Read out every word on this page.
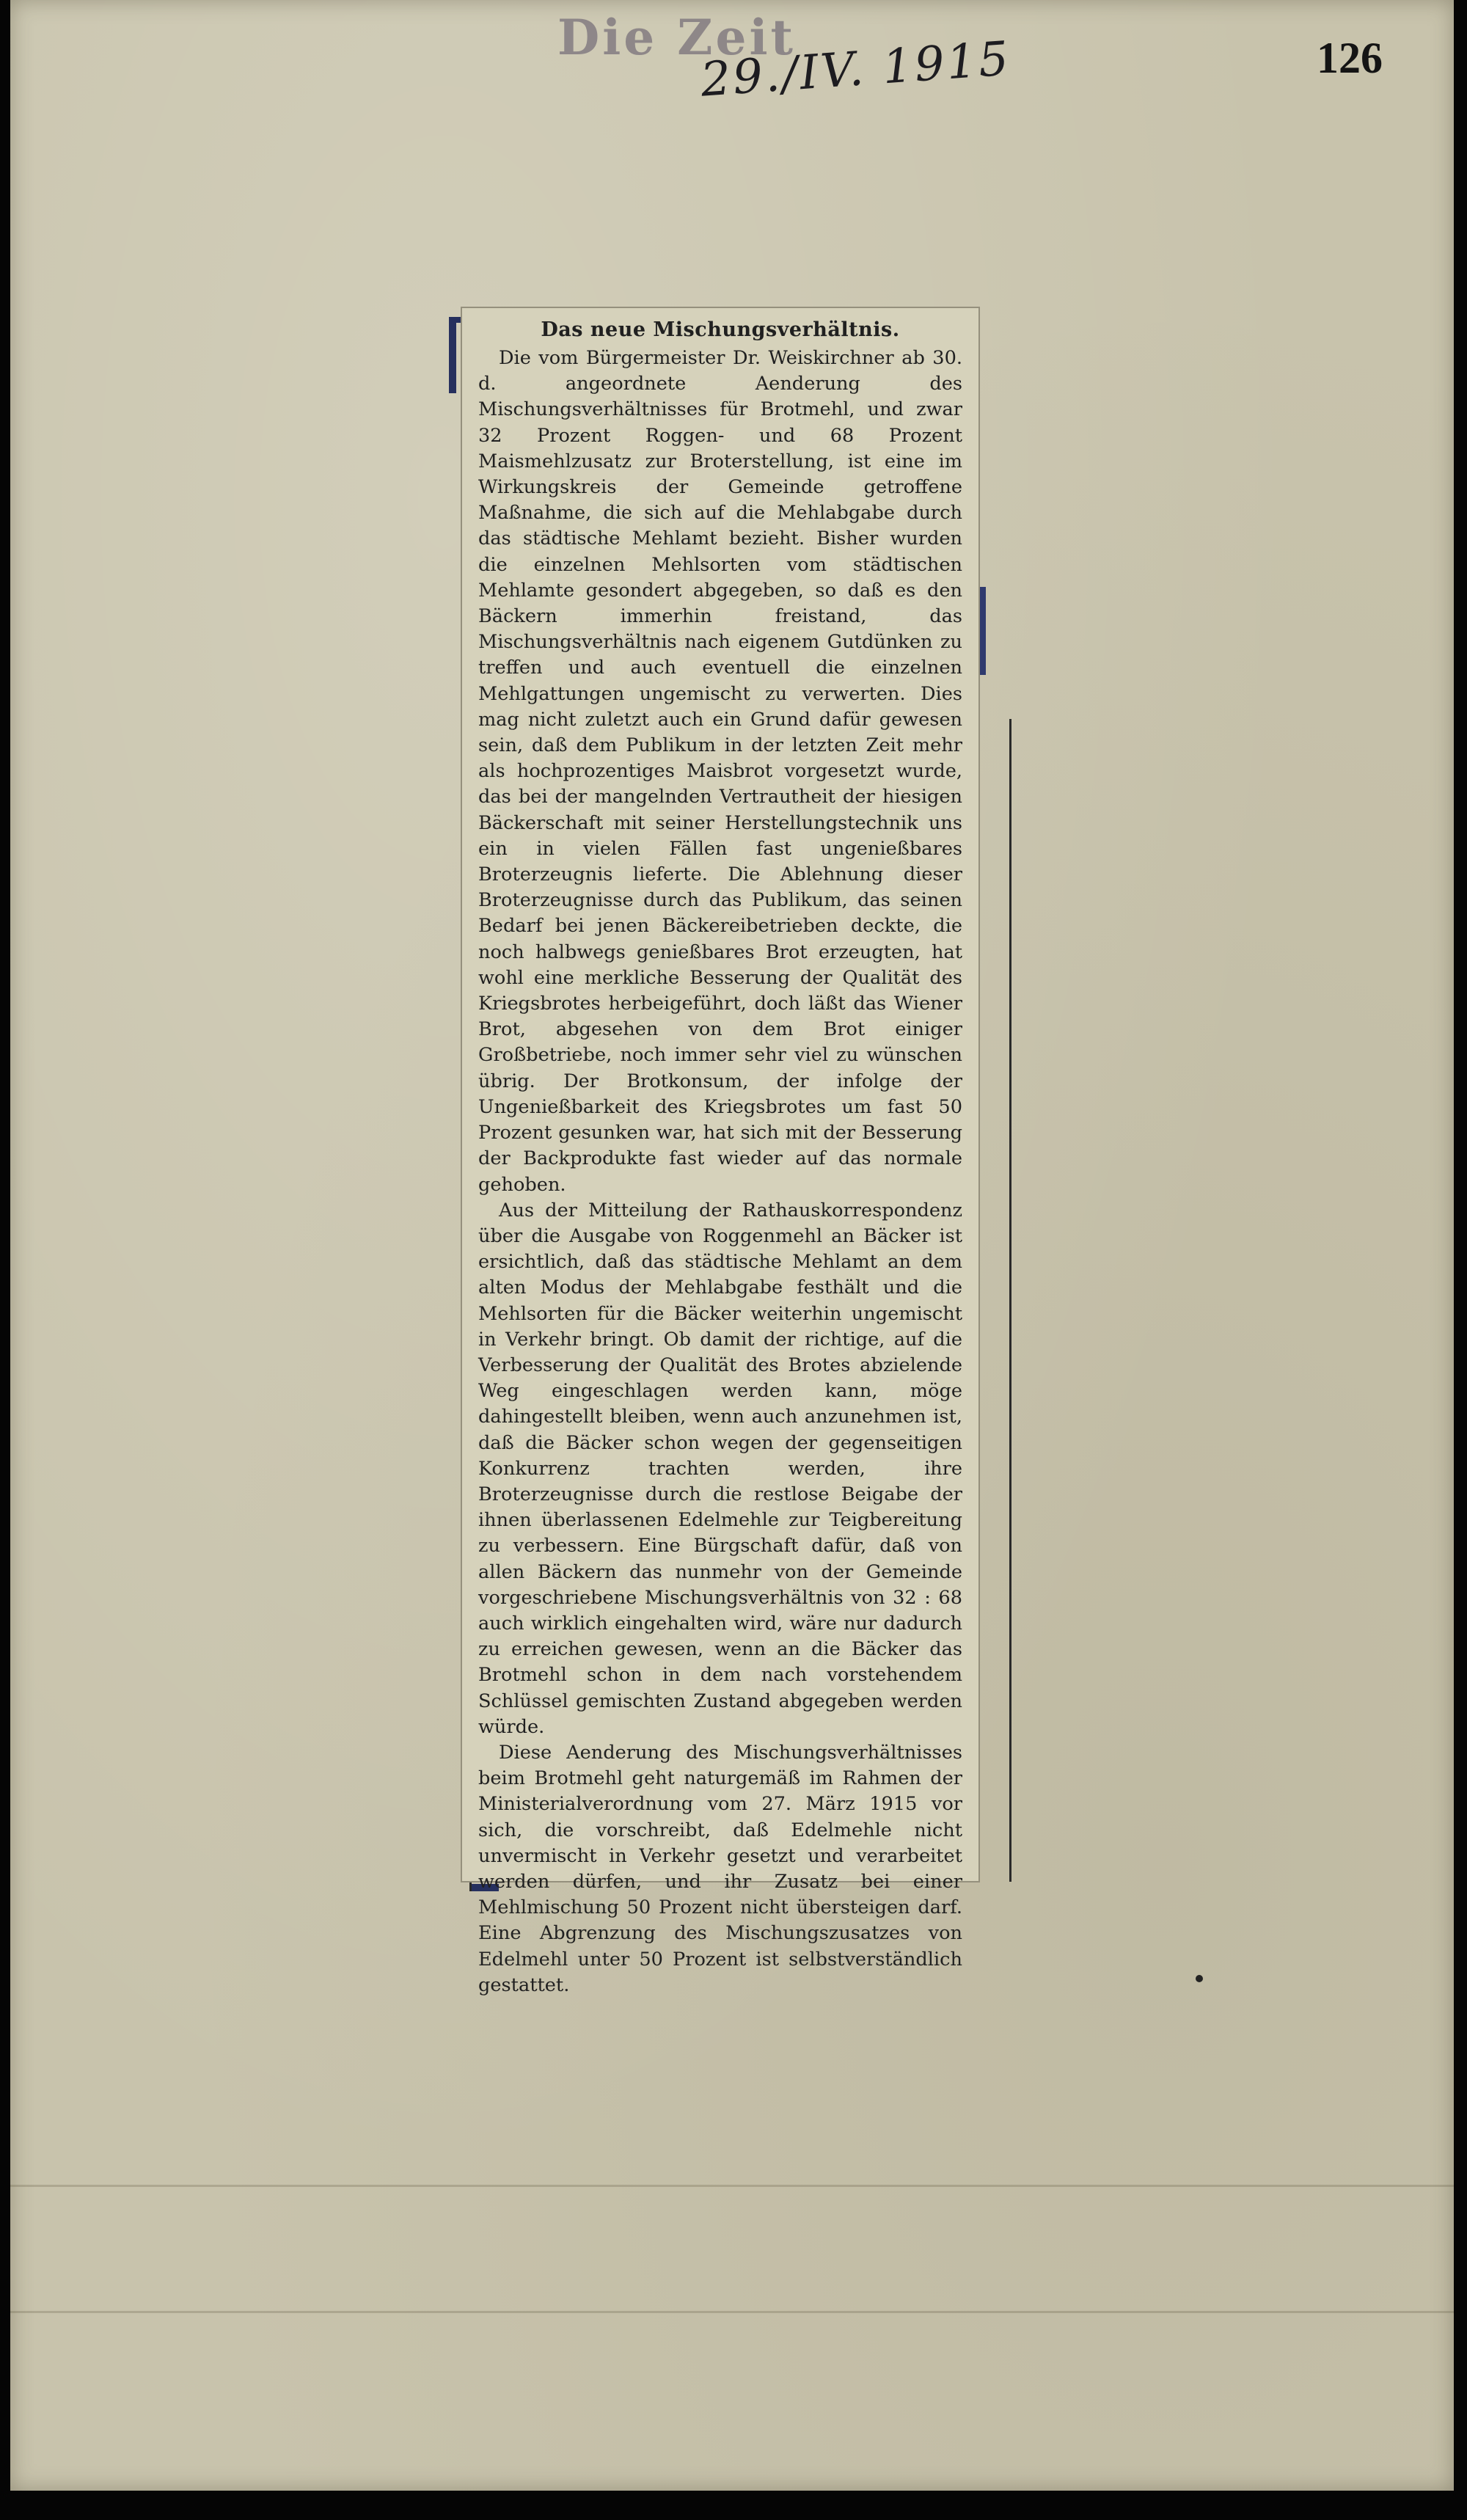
Die Zeit
29./IV. 1915	126
Das neue Mischungsverhältnis.

Die vom Bürgermeister Dr. Weiskirchner ab 30. d. angeordnete Aenderung des Mischungsverhältnisses für Brotmehl, und zwar 32 Prozent Roggen- und 68 Prozent Maismehlzusatz zur Broterstellung, ist eine im Wirkungskreis der Gemeinde getroffene Maßnahme, die sich auf die Mehlabgabe durch das städtische Mehlamt bezieht. Bisher wurden die einzelnen Mehlsorten vom städtischen Mehlamte gesondert abgegeben, so daß es den Bäckern immerhin freistand, das Mischungsverhältnis nach eigenem Gutdünken zu treffen und auch eventuell die einzelnen Mehlgattungen ungemischt zu verwerten. Dies mag nicht zuletzt auch ein Grund dafür gewesen sein, daß dem Publikum in der letzten Zeit mehr als hochprozentiges Maisbrot vorgesetzt wurde, das bei der mangelnden Vertrautheit der hiesigen Bäckerschaft mit seiner Herstellungstechnik uns ein in vielen Fällen fast ungenießbares Broterzeugnis lieferte. Die Ablehnung dieser Broterzeugnisse durch das Publikum, das seinen Bedarf bei jenen Bäckereibetrieben deckte, die noch halbwegs genießbares Brot erzeugten, hat wohl eine merkliche Besserung der Qualität des Kriegsbrotes herbeigeführt, doch läßt das Wiener Brot, abgesehen von dem Brot einiger Großbetriebe, noch immer sehr viel zu wünschen übrig. Der Brotkonsum, der infolge der Ungenießbarkeit des Kriegsbrotes um fast 50 Prozent gesunken war, hat sich mit der Besserung der Backprodukte fast wieder auf das normale gehoben.

Aus der Mitteilung der Rathauskorrespondenz über die Ausgabe von Roggenmehl an Bäcker ist ersichtlich, daß das städtische Mehlamt an dem alten Modus der Mehlabgabe festhält und die Mehlsorten für die Bäcker weiterhin ungemischt in Verkehr bringt. Ob damit der richtige, auf die Verbesserung der Qualität des Brotes abzielende Weg eingeschlagen werden kann, möge dahingestellt bleiben, wenn auch anzunehmen ist, daß die Bäcker schon wegen der gegenseitigen Konkurrenz trachten werden, ihre Broterzeugnisse durch die restlose Beigabe der ihnen überlassenen Edelmehle zur Teigbereitung zu verbessern. Eine Bürgschaft dafür, daß von allen Bäckern das nunmehr von der Gemeinde vorgeschriebene Mischungsverhältnis von 32 : 68 auch wirklich eingehalten wird, wäre nur dadurch zu erreichen gewesen, wenn an die Bäcker das Brotmehl schon in dem nach vorstehendem Schlüssel gemischten Zustand abgegeben werden würde.

Diese Aenderung des Mischungsverhältnisses beim Brotmehl geht naturgemäß im Rahmen der Ministerialverordnung vom 27. März 1915 vor sich, die vorschreibt, daß Edelmehle nicht unvermischt in Verkehr gesetzt und verarbeitet werden dürfen, und ihr Zusatz bei einer Mehlmischung 50 Prozent nicht übersteigen darf. Eine Abgrenzung des Mischungszusatzes von Edelmehl unter 50 Prozent ist selbstverständlich gestattet.
